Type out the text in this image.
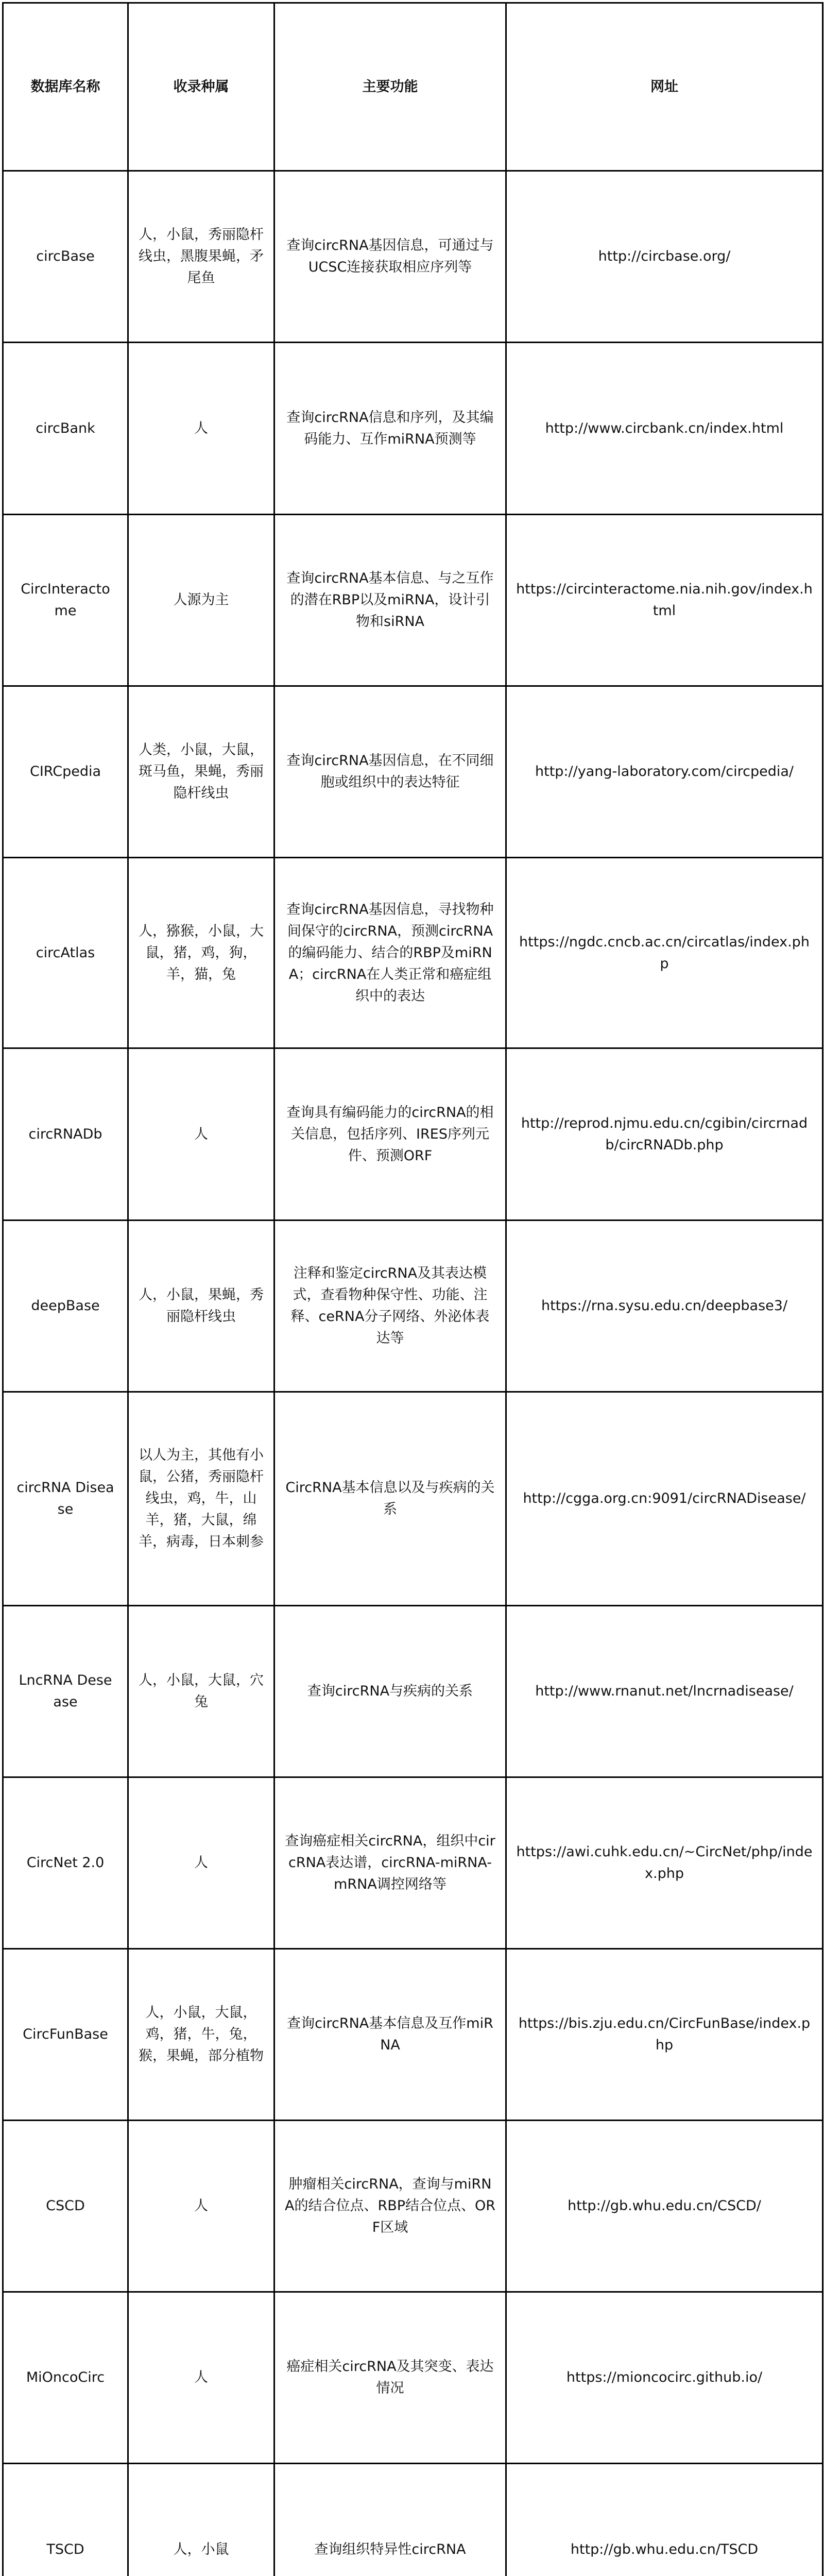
数据库名称	收录种属	主要功能	网址
circBase	人，小鼠，秀丽隐杆线虫，黑腹果蝇，矛尾鱼	查询circRNA基因信息，可通过与UCSC连接获取相应序列等	http://circbase.org/
circBank	人	查询circRNA信息和序列，及其编码能力、互作miRNA预测等	http://www.circbank.cn/index.html
CircInteractome	人源为主	查询circRNA基本信息、与之互作的潜在RBP以及miRNA，设计引物和siRNA	https://circinteractome.nia.nih.gov/index.html
CIRCpedia	人类，小鼠，大鼠，斑马鱼，果蝇，秀丽隐杆线虫	查询circRNA基因信息，在不同细胞或组织中的表达特征	http://yang-laboratory.com/circpedia/
circAtlas	人，猕猴，小鼠，大鼠，猪，鸡，狗，羊，猫，兔	查询circRNA基因信息，寻找物种间保守的circRNA，预测circRNA的编码能力、结合的RBP及miRNA；circRNA在人类正常和癌症组织中的表达	https://ngdc.cncb.ac.cn/circatlas/index.php
circRNADb	人	查询具有编码能力的circRNA的相关信息，包括序列、IRES序列元件、预测ORF	http://reprod.njmu.edu.cn/cgibin/circrnadb/circRNADb.php
deepBase	人，小鼠，果蝇，秀丽隐杆线虫	注释和鉴定circRNA及其表达模式，查看物种保守性、功能、注释、ceRNA分子网络、外泌体表达等	https://rna.sysu.edu.cn/deepbase3/
circRNA Disease	以人为主，其他有小鼠，公猪，秀丽隐杆线虫，鸡，牛，山羊，猪，大鼠，绵羊，病毒，日本刺参	CircRNA基本信息以及与疾病的关系	http://cgga.org.cn:9091/circRNADisease/
LncRNA Desease	人，小鼠，大鼠，穴兔	查询circRNA与疾病的关系	http://www.rnanut.net/lncrnadisease/
CircNet 2.0	人	查询癌症相关circRNA，组织中circRNA表达谱，circRNA-miRNA-mRNA调控网络等	https://awi.cuhk.edu.cn/~CircNet/php/index.php
CircFunBase	人，小鼠，大鼠，鸡，猪，牛，兔，猴，果蝇，部分植物	查询circRNA基本信息及互作miRNA	https://bis.zju.edu.cn/CircFunBase/index.php
CSCD	人	肿瘤相关circRNA，查询与miRNA的结合位点、RBP结合位点、ORF区域	http://gb.whu.edu.cn/CSCD/
MiOncoCirc	人	癌症相关circRNA及其突变、表达情况	https://mioncocirc.github.io/
TSCD	人，小鼠	查询组织特异性circRNA	http://gb.whu.edu.cn/TSCD
